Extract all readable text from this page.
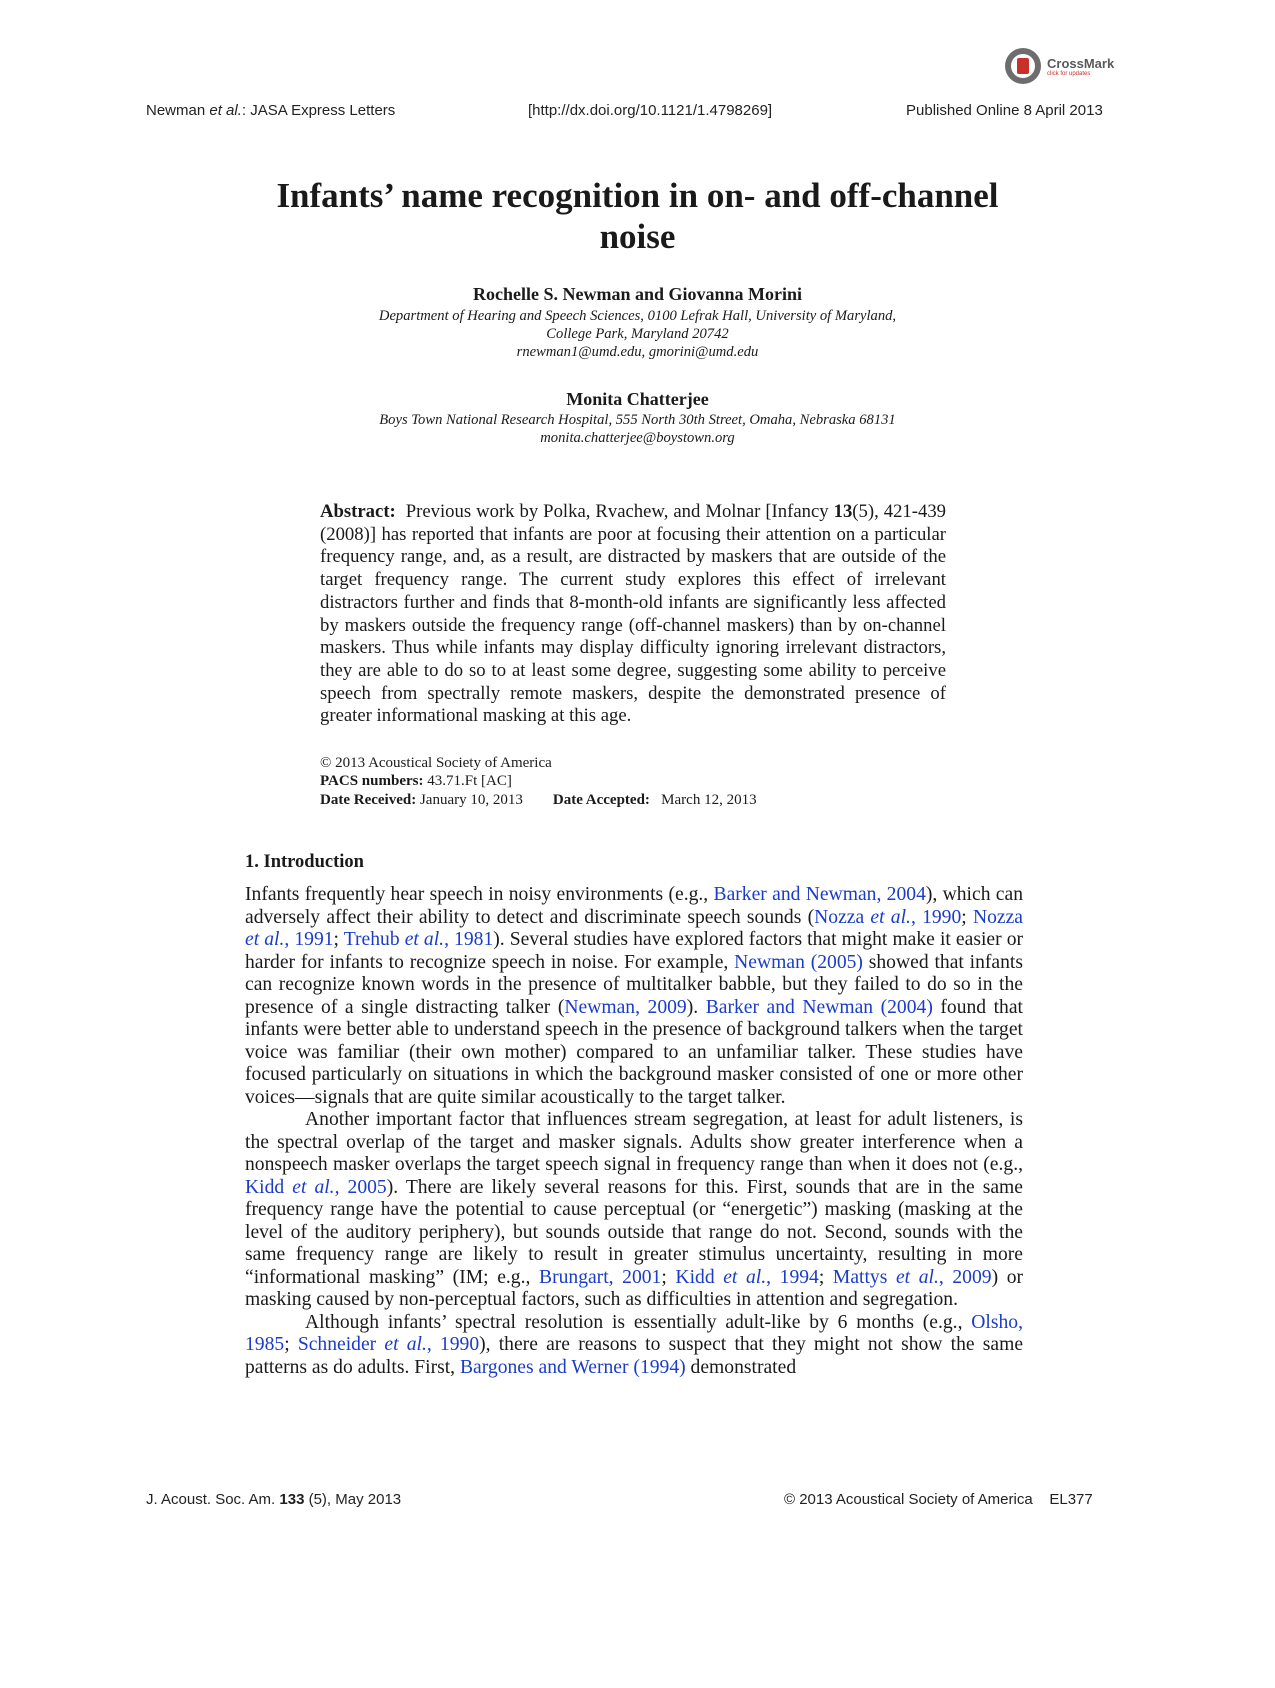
CrossMark
click for updates
Newman et al.: JASA Express Letters	[http://dx.doi.org/10.1121/1.4798269]	Published Online 8 April 2013
Infants’ name recognition in on- and off-channel
noise
Rochelle S. Newman and Giovanna Morini
Department of Hearing and Speech Sciences, 0100 Lefrak Hall, University of Maryland,
College Park, Maryland 20742
rnewman1@umd.edu, gmorini@umd.edu
Monita Chatterjee
Boys Town National Research Hospital, 555 North 30th Street, Omaha, Nebraska 68131
monita.chatterjee@boystown.org
Abstract: Previous work by Polka, Rvachew, and Molnar [Infancy 13(5), 421-439 (2008)] has reported that infants are poor at focusing their attention on a particular frequency range, and, as a result, are distracted by maskers that are outside of the target frequency range. The current study explores this effect of irrelevant distractors further and finds that 8-month-old infants are significantly less affected by maskers outside the frequency range (off-channel maskers) than by on-channel maskers. Thus while infants may display difficulty ignoring irrelevant distractors, they are able to do so to at least some degree, suggesting some ability to perceive speech from spectrally remote maskers, despite the demonstrated presence of greater informational masking at this age.
© 2013 Acoustical Society of America
PACS numbers: 43.71.Ft [AC]
Date Received: January 10, 2013 Date Accepted: March 12, 2013
1. Introduction

Infants frequently hear speech in noisy environments (e.g., Barker and Newman, 2004), which can adversely affect their ability to detect and discriminate speech sounds (Nozza et al., 1990; Nozza et al., 1991; Trehub et al., 1981). Several studies have explored factors that might make it easier or harder for infants to recognize speech in noise. For example, Newman (2005) showed that infants can recognize known words in the presence of multitalker babble, but they failed to do so in the presence of a single distracting talker (Newman, 2009). Barker and Newman (2004) found that infants were better able to understand speech in the presence of background talkers when the target voice was familiar (their own mother) compared to an unfamiliar talker. These studies have focused particularly on situations in which the background masker consisted of one or more other voices—signals that are quite similar acoustically to the target talker.

Another important factor that influences stream segregation, at least for adult listeners, is the spectral overlap of the target and masker signals. Adults show greater interference when a nonspeech masker overlaps the target speech signal in frequency range than when it does not (e.g., Kidd et al., 2005). There are likely several reasons for this. First, sounds that are in the same frequency range have the potential to cause perceptual (or “energetic”) masking (masking at the level of the auditory periphery), but sounds outside that range do not. Second, sounds with the same frequency range are likely to result in greater stimulus uncertainty, resulting in more “informational masking” (IM; e.g., Brungart, 2001; Kidd et al., 1994; Mattys et al., 2009) or masking caused by non-perceptual factors, such as difficulties in attention and segregation.

Although infants’ spectral resolution is essentially adult-like by 6 months (e.g., Olsho, 1985; Schneider et al., 1990), there are reasons to suspect that they might not show the same patterns as do adults. First, Bargones and Werner (1994) demonstrated

J. Acoust. Soc. Am. 133 (5), May 2013	© 2013 Acoustical Society of America EL377
